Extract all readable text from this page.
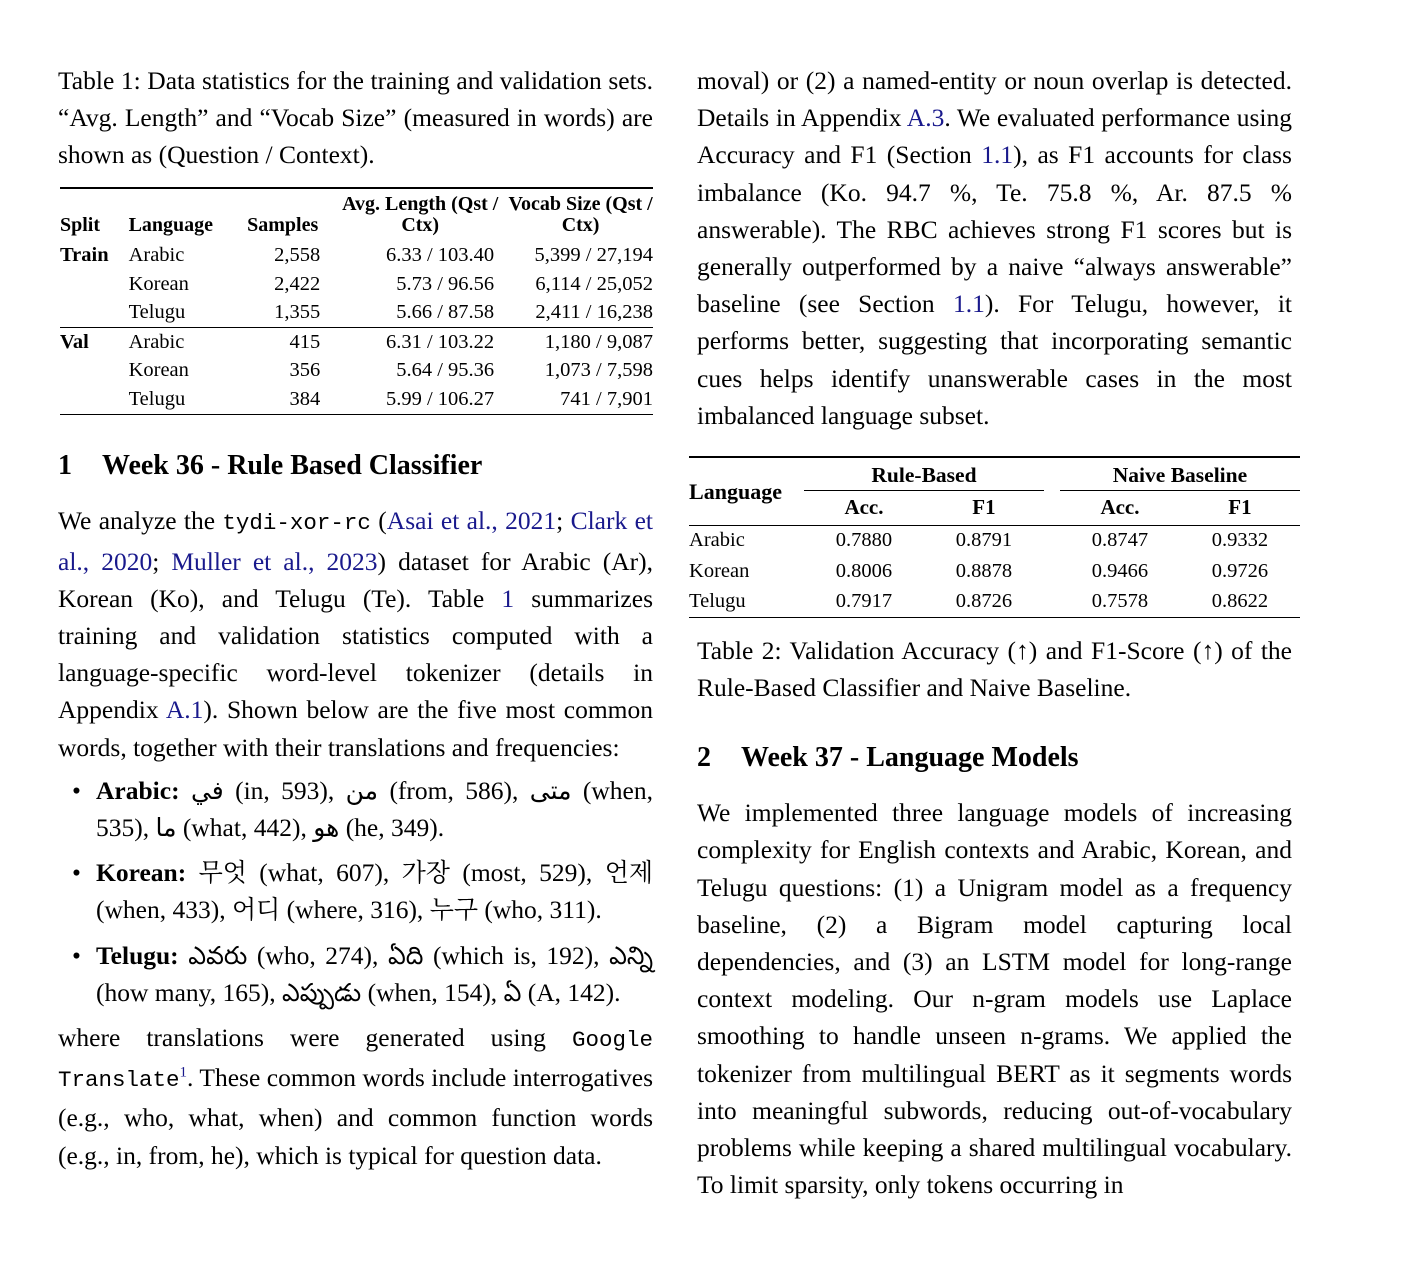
Table 1: Data statistics for the training and validation sets. “Avg. Length” and “Vocab Size” (measured in words) are shown as (Question / Context).
Split	Language	Samples	Avg. Length (Qst / Ctx)	Vocab Size (Qst / Ctx)
Train	Arabic	2,558	6.33 / 103.40	5,399 / 27,194
	Korean	2,422	5.73 / 96.56	6,114 / 25,052
	Telugu	1,355	5.66 / 87.58	2,411 / 16,238
Val	Arabic	415	6.31 / 103.22	1,180 / 9,087
	Korean	356	5.64 / 95.36	1,073 / 7,598
	Telugu	384	5.99 / 106.27	741 / 7,901
1 Week 36 - Rule Based Classifier

We analyze the tydi-xor-rc (Asai et al., 2021; Clark et al., 2020; Muller et al., 2023) dataset for Arabic (Ar), Korean (Ko), and Telugu (Te). Table 1 summarizes training and validation statistics computed with a language-specific word-level tokenizer (details in Appendix A.1). Shown below are the five most common words, together with their translations and frequencies:

• Arabic: في (in, 593), من (from, 586), متى (when, 535), ما (what, 442), هو (he, 349).
• Korean: 무엇 (what, 607), 가장 (most, 529), 언제 (when, 433), 어디 (where, 316), 누구 (who, 311).
• Telugu: ఎవరు (who, 274), ఏది (which is, 192), ఎన్ని (how many, 165), ఎప్పుడు (when, 154), ఏ (A, 142).

where translations were generated using Google Translate$^1$. These common words include interrogatives (e.g., who, what, when) and common function words (e.g., in, from, he), which is typical for question data.

moval) or (2) a named-entity or noun overlap is detected. Details in Appendix A.3. We evaluated performance using Accuracy and F1 (Section 1.1), as F1 accounts for class imbalance (Ko. 94.7 %, Te. 75.8 %, Ar. 87.5 % answerable). The RBC achieves strong F1 scores but is generally outperformed by a naive “always answerable” baseline (see Section 1.1). For Telugu, however, it performs better, suggesting that incorporating semantic cues helps identify unanswerable cases in the most imbalanced language subset.

Language	Rule-Based			Naive Baseline	
	Acc.	F1		Acc.	F1
Arabic	0.7880	0.8791		0.8747	0.9332
Korean	0.8006	0.8878		0.9466	0.9726
Telugu	0.7917	0.8726		0.7578	0.8622
Table 2: Validation Accuracy (↑) and F1-Score (↑) of the Rule-Based Classifier and Naive Baseline.
2 Week 37 - Language Models

We implemented three language models of increasing complexity for English contexts and Arabic, Korean, and Telugu questions: (1) a Unigram model as a frequency baseline, (2) a Bigram model capturing local dependencies, and (3) an LSTM model for long-range context modeling. Our n-gram models use Laplace smoothing to handle unseen n-grams. We applied the tokenizer from multilingual BERT as it segments words into meaningful subwords, reducing out-of-vocabulary problems while keeping a shared multilingual vocabulary. To limit sparsity, only tokens occurring in
